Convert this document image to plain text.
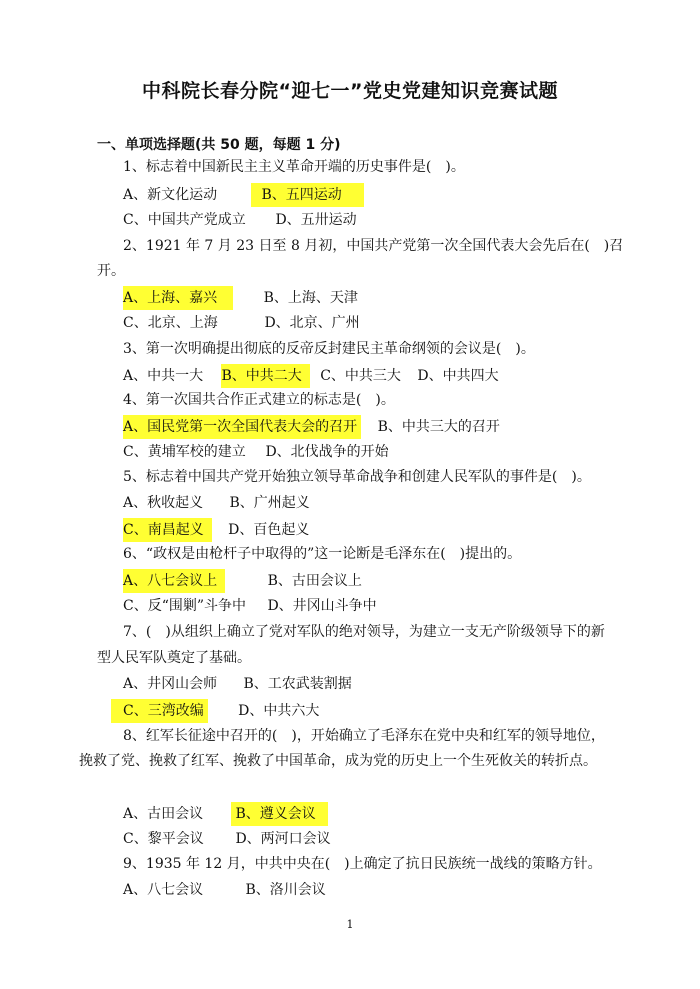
中科院长春分院“迎七一”党史党建知识竞赛试题
一、单项选择题(共 50 题，每题 1 分)
1、标志着中国新民主主义革命开端的历史事件是(　)。
A、新文化运动	B、五四运动
C、中国共产党成立 D、五卅运动
2、1921 年 7 月 23 日至 8 月初，中国共产党第一次全国代表大会先后在(　)召
开。
A、上海、嘉兴	B、上海、天津
C、北京、上海	D、北京、广州
3、第一次明确提出彻底的反帝反封建民主革命纲领的会议是(　)。
A、中共一大 B、中共二大 C、中共三大 D、中共四大
4、第一次国共合作正式建立的标志是(　)。
A、国民党第一次全国代表大会的召开 B、中共三大的召开
C、黄埔军校的建立 D、北伐战争的开始
5、标志着中国共产党开始独立领导革命战争和创建人民军队的事件是(　)。
A、秋收起义 B、广州起义
C、南昌起义 D、百色起义
6、“政权是由枪杆子中取得的”这一论断是毛泽东在(　)提出的。
A、八七会议上	B、古田会议上
C、反“围剿”斗争中 D、井冈山斗争中
7、(　)从组织上确立了党对军队的绝对领导，为建立一支无产阶级领导下的新
型人民军队奠定了基础。
A、井冈山会师 B、工农武装割据
C、三湾改编 D、中共六大
8、红军长征途中召开的(　)，开始确立了毛泽东在党中央和红军的领导地位，
挽救了党、挽救了红军、挽救了中国革命，成为党的历史上一个生死攸关的转折点。
A、古田会议 B、遵义会议
C、黎平会议 D、两河口会议
9、1935 年 12 月，中共中央在(　)上确定了抗日民族统一战线的策略方针。
A、八七会议	B、洛川会议
1
